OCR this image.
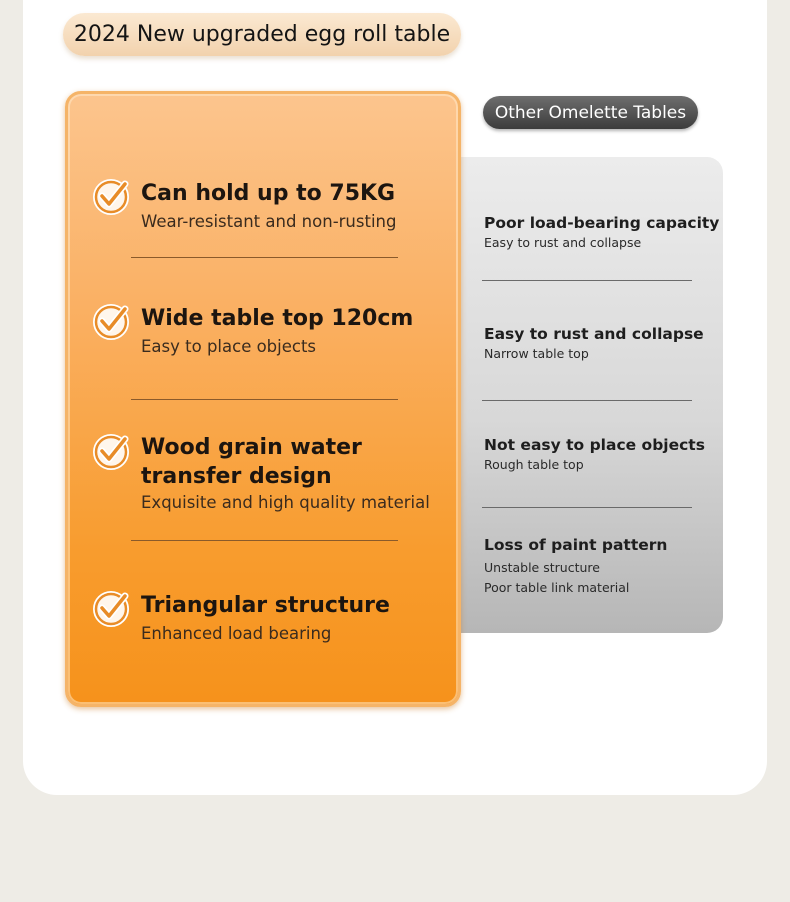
2024 New upgraded egg roll table
Other Omelette Tables
Can hold up to 75KG
Wear-resistant and non-rusting
Wide table top 120cm
Easy to place objects
Wood grain water
transfer design
Exquisite and high quality material
Triangular structure
Enhanced load bearing
Poor load-bearing capacity
Easy to rust and collapse
Easy to rust and collapse
Narrow table top
Not easy to place objects
Rough table top
Loss of paint pattern
Unstable structure
Poor table link material
